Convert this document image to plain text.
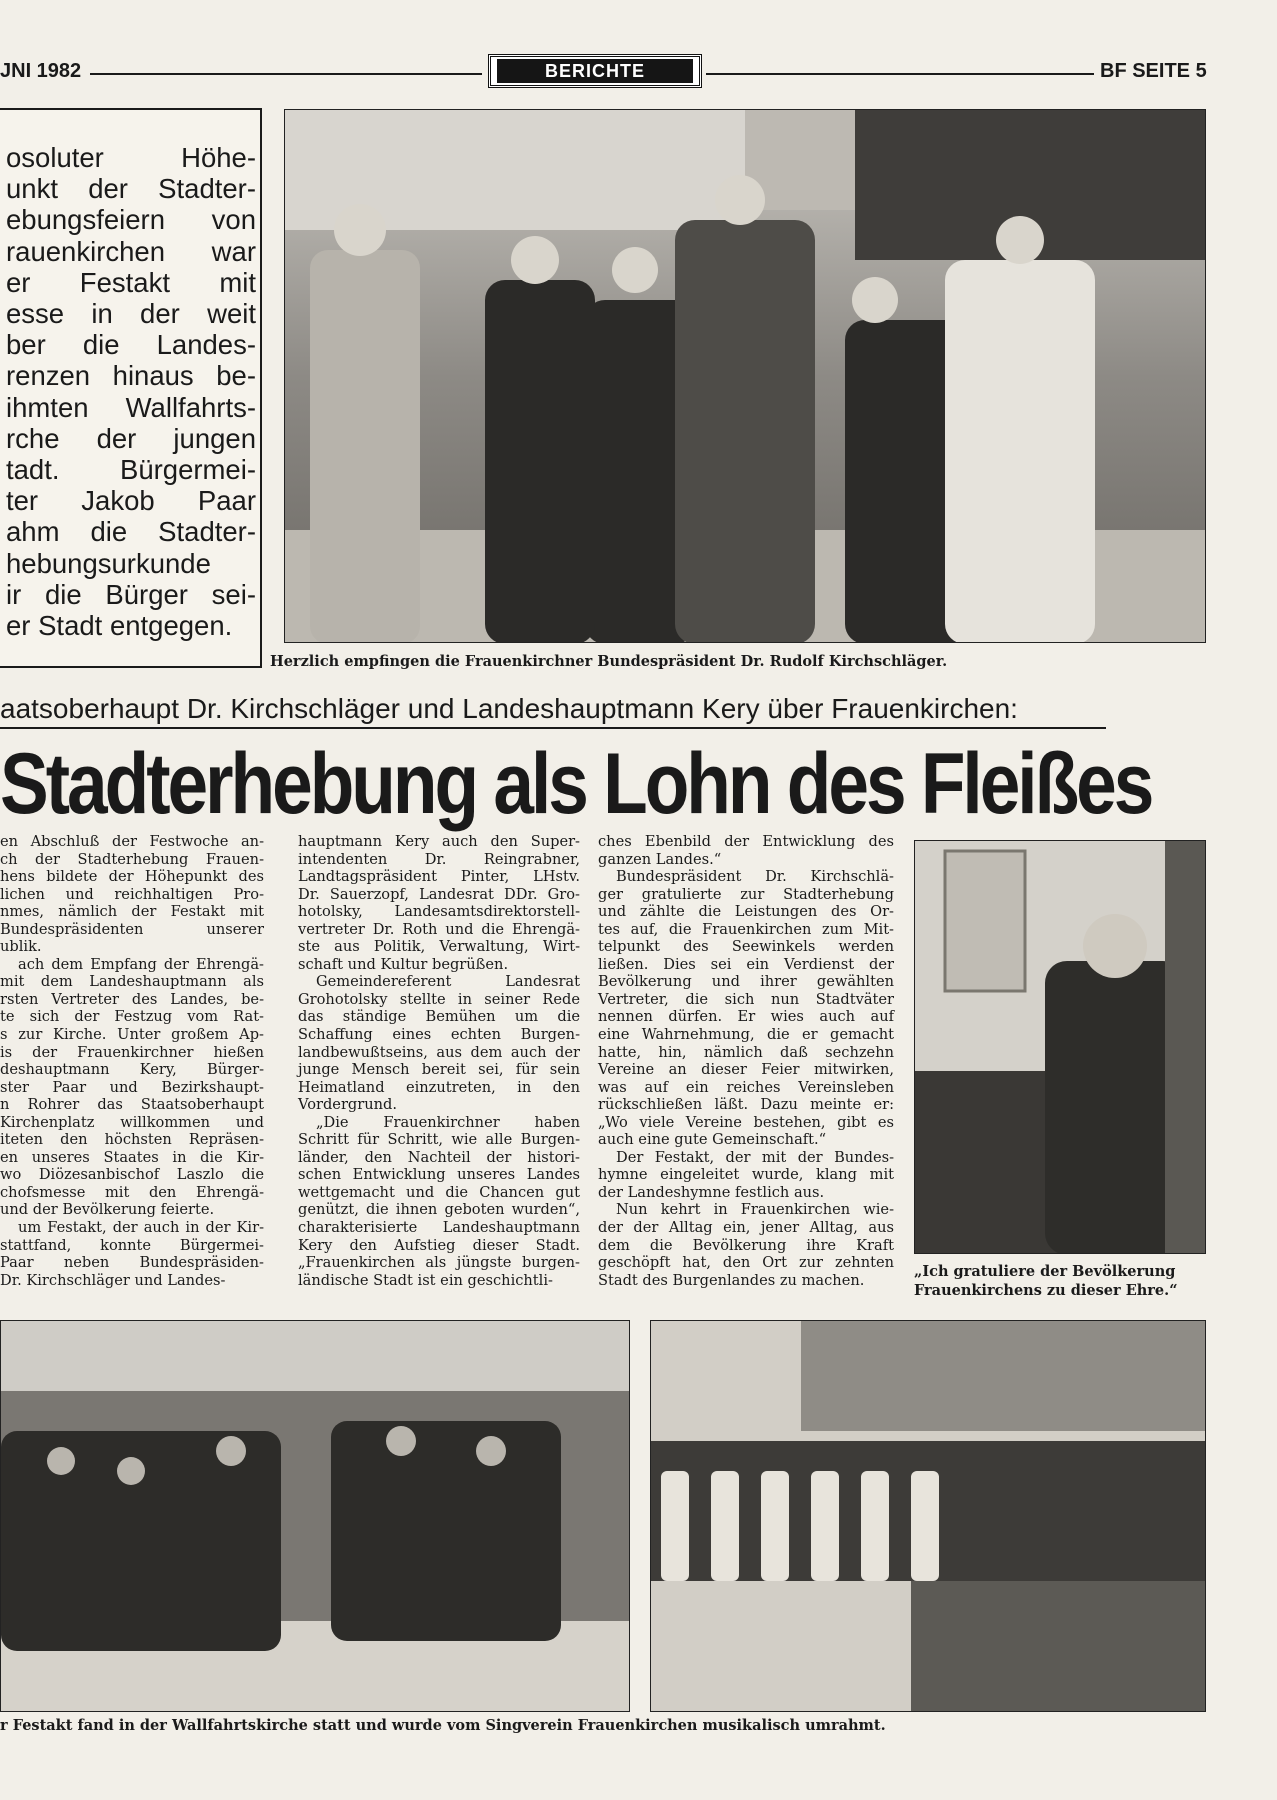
JNI 1982	BERICHTE	BF SEITE 5

osoluter Höhe-
unkt der Stadter-
ebungsfeiern von
rauenkirchen war
er Festakt mit
esse in der weit
ber die Landes-
renzen hinaus be-
ihmten Wallfahrts-
rche der jungen
tadt. Bürgermei-
ter Jakob Paar
ahm die Stadter-
hebungsurkunde
ir die Bürger sei-
er Stadt entgegen.

Herzlich empfingen die Frauenkirchner Bundespräsident Dr. Rudolf Kirchschläger.
aatsoberhaupt Dr. Kirchschläger und Landeshauptmann Kery über Frauenkirchen:
Stadterhebung als Lohn des Fleißes
en Abschluß der Festwoche an-
ch der Stadterhebung Frauen-
hens bildete der Höhepunkt des
lichen und reichhaltigen Pro-
nmes, nämlich der Festakt mit
Bundespräsidenten unserer
ublik.
ach dem Empfang der Ehrengä-
mit dem Landeshauptmann als
rsten Vertreter des Landes, be-
te sich der Festzug vom Rat-
s zur Kirche. Unter großem Ap-
is der Frauenkirchner hießen
deshauptmann Kery, Bürger-
ster Paar und Bezirkshaupt-
n Rohrer das Staatsoberhaupt
Kirchenplatz willkommen und
iteten den höchsten Repräsen-
en unseres Staates in die Kir-
wo Diözesanbischof Laszlo die
chofsmesse mit den Ehrengä-
und der Bevölkerung feierte.
um Festakt, der auch in der Kir-
stattfand, konnte Bürgermei-
Paar neben Bundespräsiden-
Dr. Kirchschläger und Landes-
hauptmann Kery auch den Super-
intendenten Dr. Reingrabner,
Landtagspräsident Pinter, LHstv.
Dr. Sauerzopf, Landesrat DDr. Gro-
hotolsky, Landesamtsdirektorstell-
vertreter Dr. Roth und die Ehrengä-
ste aus Politik, Verwaltung, Wirt-
schaft und Kultur begrüßen.
Gemeindereferent Landesrat
Grohotolsky stellte in seiner Rede
das ständige Bemühen um die
Schaffung eines echten Burgen-
landbewußtseins, aus dem auch der
junge Mensch bereit sei, für sein
Heimatland einzutreten, in den
Vordergrund.
„Die Frauenkirchner haben
Schritt für Schritt, wie alle Burgen-
länder, den Nachteil der histori-
schen Entwicklung unseres Landes
wettgemacht und die Chancen gut
genützt, die ihnen geboten wurden“,
charakterisierte Landeshauptmann
Kery den Aufstieg dieser Stadt.
„Frauenkirchen als jüngste burgen-
ländische Stadt ist ein geschichtli-
ches Ebenbild der Entwicklung des
ganzen Landes.“
Bundespräsident Dr. Kirchschlä-
ger gratulierte zur Stadterhebung
und zählte die Leistungen des Or-
tes auf, die Frauenkirchen zum Mit-
telpunkt des Seewinkels werden
ließen. Dies sei ein Verdienst der
Bevölkerung und ihrer gewählten
Vertreter, die sich nun Stadtväter
nennen dürfen. Er wies auch auf
eine Wahrnehmung, die er gemacht
hatte, hin, nämlich daß sechzehn
Vereine an dieser Feier mitwirken,
was auf ein reiches Vereinsleben
rückschließen läßt. Dazu meinte er:
„Wo viele Vereine bestehen, gibt es
auch eine gute Gemeinschaft.“
Der Festakt, der mit der Bundes-
hymne eingeleitet wurde, klang mit
der Landeshymne festlich aus.
Nun kehrt in Frauenkirchen wie-
der der Alltag ein, jener Alltag, aus
dem die Bevölkerung ihre Kraft
geschöpft hat, den Ort zur zehnten
Stadt des Burgenlandes zu machen.
„Ich gratuliere der Bevölkerung Frauenkirchens zu dieser Ehre.“
r Festakt fand in der Wallfahrtskirche statt und wurde vom Singverein Frauenkirchen musikalisch umrahmt.
